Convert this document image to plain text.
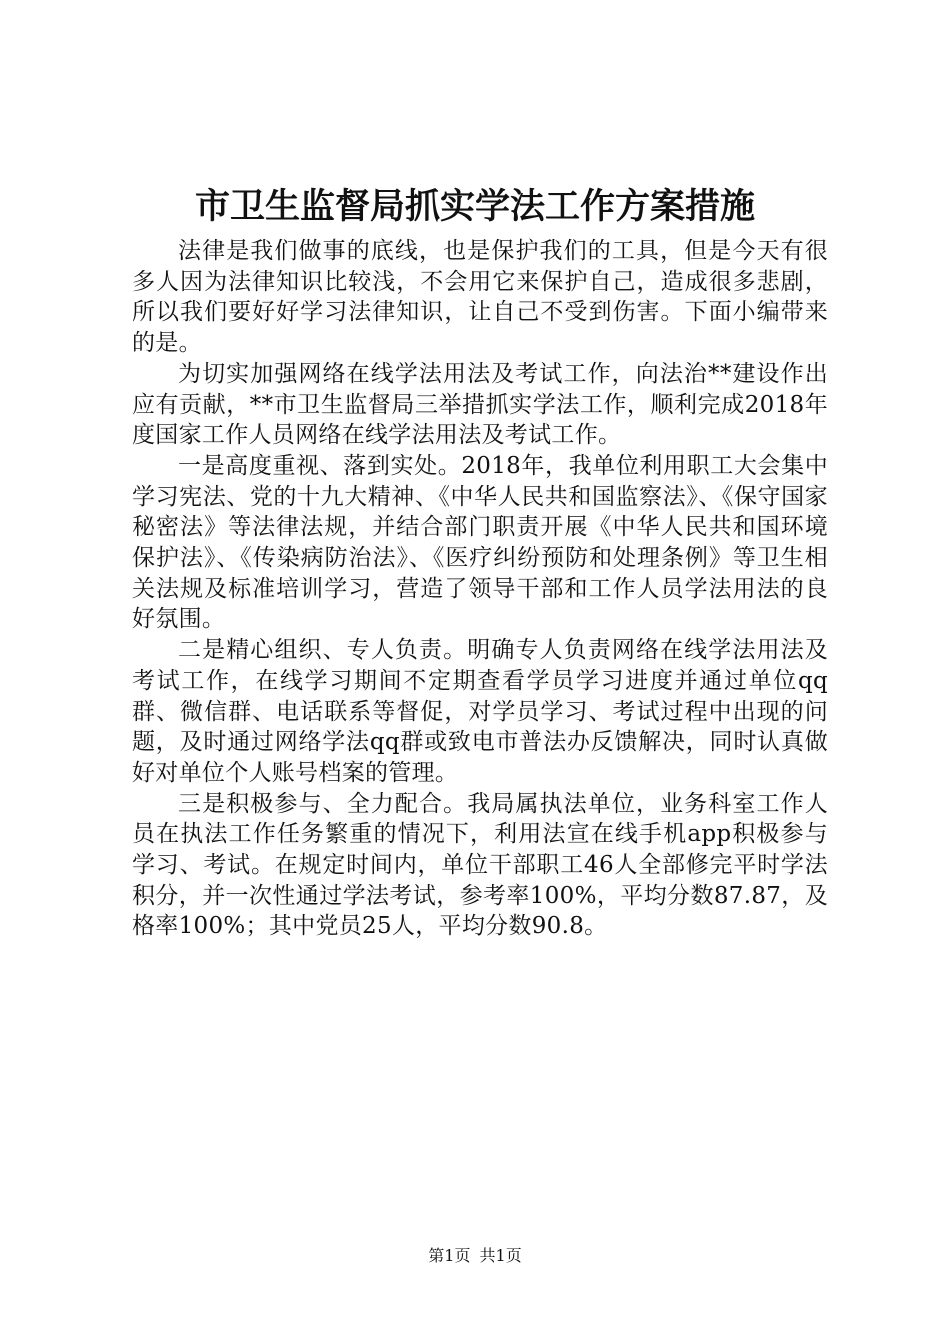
市卫生监督局抓实学法工作方案措施

法律是我们做事的底线，也是保护我们的工具，但是今天有很多人因为法律知识比较浅，不会用它来保护自己，造成很多悲剧，所以我们要好好学习法律知识，让自己不受到伤害。下面小编带来的是。

为切实加强网络在线学法用法及考试工作，向法治**建设作出应有贡献，**市卫生监督局三举措抓实学法工作，顺利完成2018年度国家工作人员网络在线学法用法及考试工作。

一是高度重视、落到实处。2018年，我单位利用职工大会集中学习宪法、党的十九大精神、《中华人民共和国监察法》、《保守国家秘密法》等法律法规，并结合部门职责开展《中华人民共和国环境保护法》、《传染病防治法》、《医疗纠纷预防和处理条例》等卫生相关法规及标准培训学习，营造了领导干部和工作人员学法用法的良好氛围。

二是精心组织、专人负责。明确专人负责网络在线学法用法及考试工作，在线学习期间不定期查看学员学习进度并通过单位qq群、微信群、电话联系等督促，对学员学习、考试过程中出现的问题，及时通过网络学法qq群或致电市普法办反馈解决，同时认真做好对单位个人账号档案的管理。

三是积极参与、全力配合。我局属执法单位，业务科室工作人员在执法工作任务繁重的情况下，利用法宣在线手机app积极参与学习、考试。在规定时间内，单位干部职工46人全部修完平时学法积分，并一次性通过学法考试，参考率100%，平均分数87.87，及格率100%；其中党员25人，平均分数90.8。

第1页 共1页
